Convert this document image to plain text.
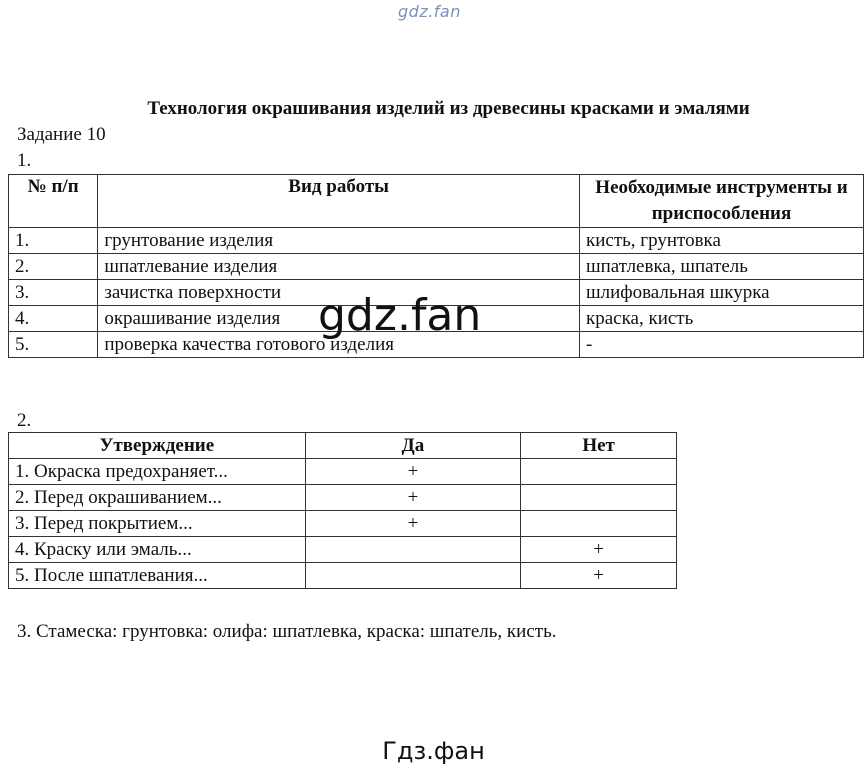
gdz.fan
Технология окрашивания изделий из древесины красками и эмалями
Задание 10
1.
№ п/п	Вид работы	Необходимые инструменты и приспособления
1.	грунтование изделия	кисть, грунтовка
2.	шпатлевание изделия	шпатлевка, шпатель
3.	зачистка поверхности	шлифовальная шкурка
4.	окрашивание изделия	краска, кисть
5.	проверка качества готового изделия	-
2.
Утверждение	Да	Нет
1. Окраска предохраняет...	+	
2. Перед окрашиванием...	+	
3. Перед покрытием...	+	
4. Краску или эмаль...		+
5. После шпатлевания...		+
3. Стамеска: грунтовка: олифа: шпатлевка, краска: шпатель, кисть.
gdz.fan
Гдз.фан
